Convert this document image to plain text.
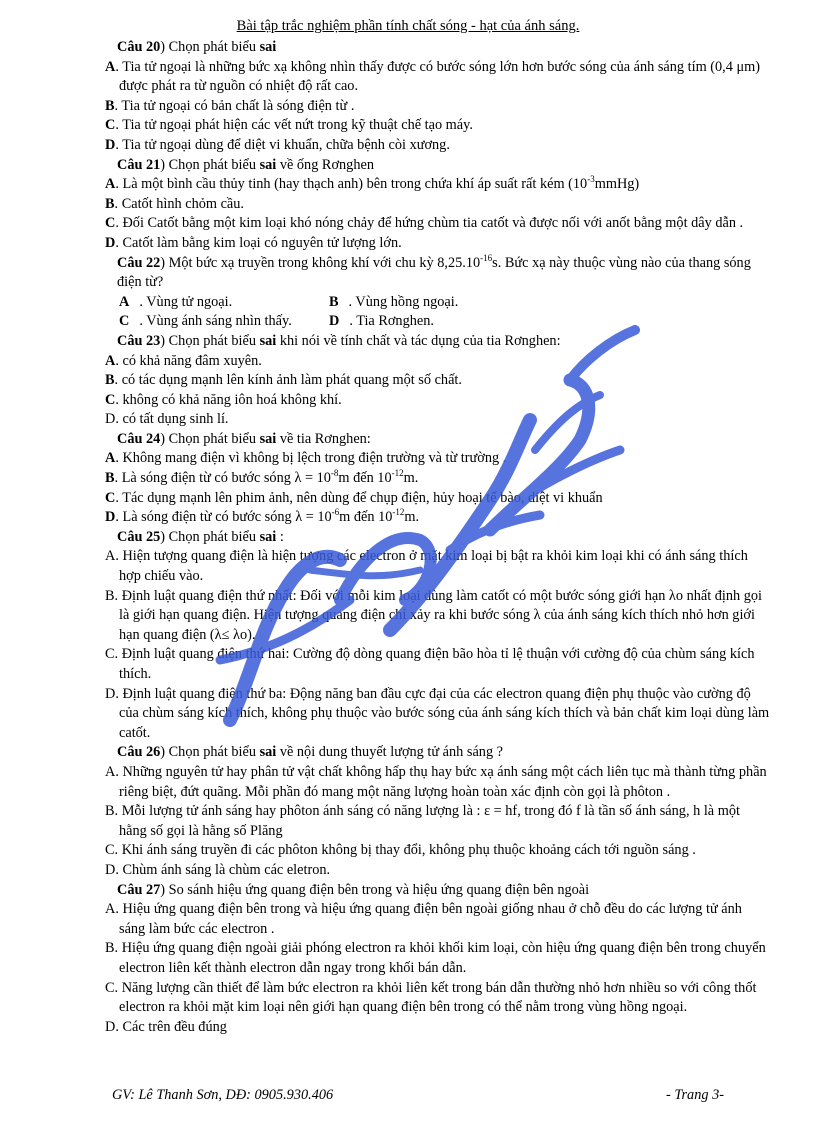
Bài tập trắc nghiệm phần tính chất sóng - hạt của ánh sáng.

Câu 20) Chọn phát biểu sai

A. Tia tử ngoại là những bức xạ không nhìn thấy được có bước sóng lớn hơn bước sóng của ánh sáng tím (0,4 μm) được phát ra từ nguồn có nhiệt độ rất cao.

B. Tia tử ngoại có bản chất là sóng điện từ .

C. Tia tử ngoại phát hiện các vết nứt trong kỹ thuật chế tạo máy.

D. Tia tử ngoại dùng để diệt vi khuẩn, chữa bệnh còi xương.

Câu 21) Chọn phát biểu sai về ống Rơnghen

A. Là một bình cầu thủy tinh (hay thạch anh) bên trong chứa khí áp suất rất kém $(10^{-3}mmHg)$

B. Catốt hình chỏm cầu.

C. Đối Catốt bằng một kim loại khó nóng chảy để hứng chùm tia catốt và được nối với anốt bằng một dây dẫn .

D. Catốt làm bằng kim loại có nguyên tử lượng lớn.

Câu 22) Một bức xạ truyền trong không khí với chu kỳ $8,25.10^{-16}s$. Bức xạ này thuộc vùng nào của thang sóng điện từ?

A . Vùng tử ngoại.	B . Vùng hồng ngoại.
C . Vùng ánh sáng nhìn thấy.	D . Tia Rơnghen.

Câu 23) Chọn phát biểu sai khi nói về tính chất và tác dụng của tia Rơnghen:

A. có khả năng đâm xuyên.

B. có tác dụng mạnh lên kính ảnh làm phát quang một số chất.

C. không có khả năng iôn hoá không khí.

D. có tất dụng sinh lí.

Câu 24) Chọn phát biểu sai về tia Rơnghen:

A. Không mang điện vì không bị lệch trong điện trường và từ trường .

B. Là sóng điện từ có bước sóng $\lambda = 10^{-8}m$ đến $10^{-12}m$.

C. Tác dụng mạnh lên phim ảnh, nên dùng để chụp điện, hủy hoại tế bào, diệt vi khuẩn

D. Là sóng điện từ có bước sóng $\lambda = 10^{-6}m$ đến $10^{-12}m$.

Câu 25) Chọn phát biểu sai :

A. Hiện tượng quang điện là hiện tượng các electron ở mặt kim loại bị bật ra khỏi kim loại khi có ánh sáng thích hợp chiếu vào.

B. Định luật quang điện thứ nhất: Đối với mỗi kim loại dùng làm catốt có một bước sóng giới hạn λo nhất định gọi là giới hạn quang điện. Hiện tượng quang điện chỉ xảy ra khi bước sóng λ của ánh sáng kích thích nhỏ hơn giới hạn quang điện (λ≤ λo).

C. Định luật quang điện thứ hai: Cường độ dòng quang điện bão hòa tỉ lệ thuận với cường độ của chùm sáng kích thích.

D. Định luật quang điện thứ ba: Động năng ban đầu cực đại của các electron quang điện phụ thuộc vào cường độ của chùm sáng kích thích, không phụ thuộc vào bước sóng của ánh sáng kích thích và bản chất kim loại dùng làm catốt.

Câu 26) Chọn phát biểu sai về nội dung thuyết lượng tử ánh sáng ?

A. Những nguyên tử hay phân tử vật chất không hấp thụ hay bức xạ ánh sáng một cách liên tục mà thành từng phần riêng biệt, đứt quãng. Mỗi phần đó mang một năng lượng hoàn toàn xác định còn gọi là phôton .

B. Mỗi lượng tử ánh sáng hay phôton ánh sáng có năng lượng là : ε = hf, trong đó f là tần số ánh sáng, h là một hằng số gọi là hằng số Plăng

C. Khi ánh sáng truyền đi các phôton không bị thay đổi, không phụ thuộc khoảng cách tới nguồn sáng .

D. Chùm ánh sáng là chùm các eletron.

Câu 27) So sánh hiệu ứng quang điện bên trong và hiệu ứng quang điện bên ngoài

A. Hiệu ứng quang điện bên trong và hiệu ứng quang điện bên ngoài giống nhau ở chỗ đều do các lượng tử ánh sáng làm bức các electron .

B. Hiệu ứng quang điện ngoài giải phóng electron ra khỏi khối kim loại, còn hiệu ứng quang điện bên trong chuyển electron liên kết thành electron dẫn ngay trong khối bán dẫn.

C. Năng lượng cần thiết để làm bức electron ra khỏi liên kết trong bán dẫn thường nhỏ hơn nhiều so với công thốt electron ra khỏi mặt kim loại nên giới hạn quang điện bên trong có thể nằm trong vùng hồng ngoại.

D. Các trên đều đúng

GV: Lê Thanh Sơn, DĐ: 0905.930.406	- Trang 3-
